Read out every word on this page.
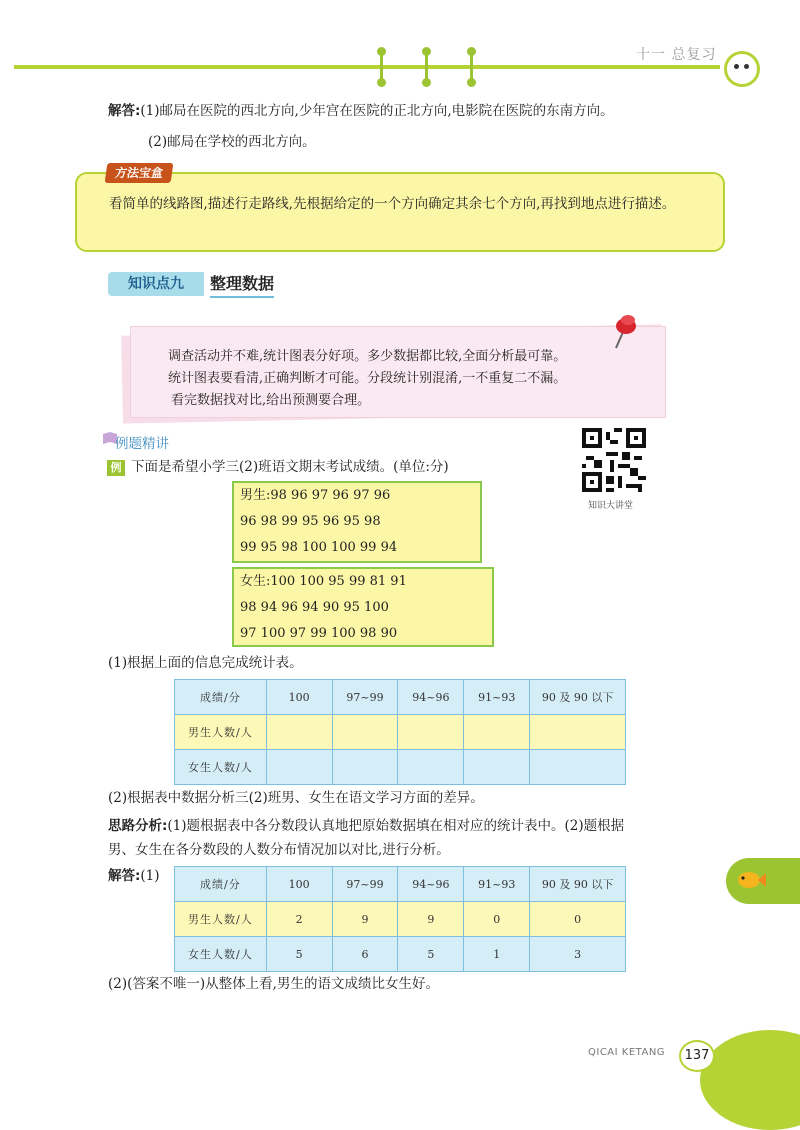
十一 总复习
解答:(1)邮局在医院的西北方向,少年宫在医院的正北方向,电影院在医院的东南方向。
(2)邮局在学校的西北方向。
方法宝盒
看简单的线路图,描述行走路线,先根据给定的一个方向确定其余七个方向,再找到地点进行描述。
知识点九	整理数据
调查活动并不难,统计图表分好项。多少数据都比较,全面分析最可靠。
统计图表要看清,正确判断才可能。分段统计别混淆,一不重复二不漏。
看完数据找对比,给出预测要合理。
例题精讲
例 下面是希望小学三(2)班语文期末考试成绩。(单位:分)
知识大讲堂
男生:98 96 97 96 97 96
96 98 99 95 96 95 98
99 95 98 100 100 99 94
女生:100 100 95 99 81 91
98 94 96 94 90 95 100
97 100 97 99 100 98 90
(1)根据上面的信息完成统计表。
成绩/分	100	97~99	94~96	91~93	90 及 90 以下
男生人数/人					
女生人数/人					
(2)根据表中数据分析三(2)班男、女生在语文学习方面的差异。
思路分析:(1)题根据表中各分数段认真地把原始数据填在相对应的统计表中。(2)题根据
男、女生在各分数段的人数分布情况加以对比,进行分析。
解答:(1)
成绩/分	100	97~99	94~96	91~93	90 及 90 以下
男生人数/人	2	9	9	0	0
女生人数/人	5	6	5	1	3
(2)(答案不唯一)从整体上看,男生的语文成绩比女生好。
QICAI KETANG	137
